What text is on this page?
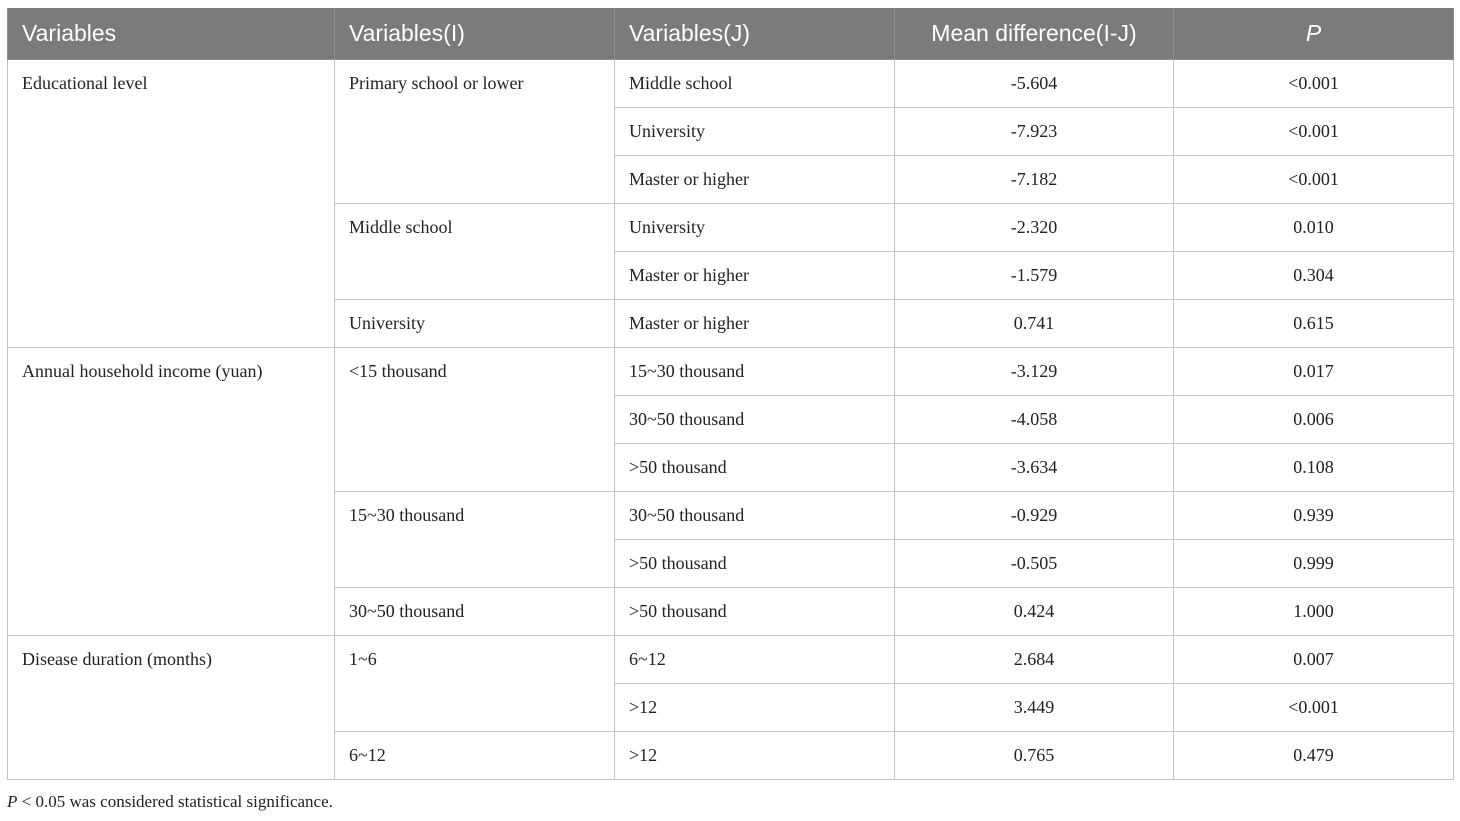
Variables	Variables(I)	Variables(J)	Mean difference(I-J)	P
Educational level	Primary school or lower	Middle school	-5.604	<0.001
		University	-7.923	<0.001
		Master or higher	-7.182	<0.001
	Middle school	University	-2.320	0.010
		Master or higher	-1.579	0.304
	University	Master or higher	0.741	0.615
Annual household income (yuan)	<15 thousand	15~30 thousand	-3.129	0.017
		30~50 thousand	-4.058	0.006
		>50 thousand	-3.634	0.108
	15~30 thousand	30~50 thousand	-0.929	0.939
		>50 thousand	-0.505	0.999
	30~50 thousand	>50 thousand	0.424	1.000
Disease duration (months)	1~6	6~12	2.684	0.007
		>12	3.449	<0.001
	6~12	>12	0.765	0.479
P < 0.05 was considered statistical significance.
